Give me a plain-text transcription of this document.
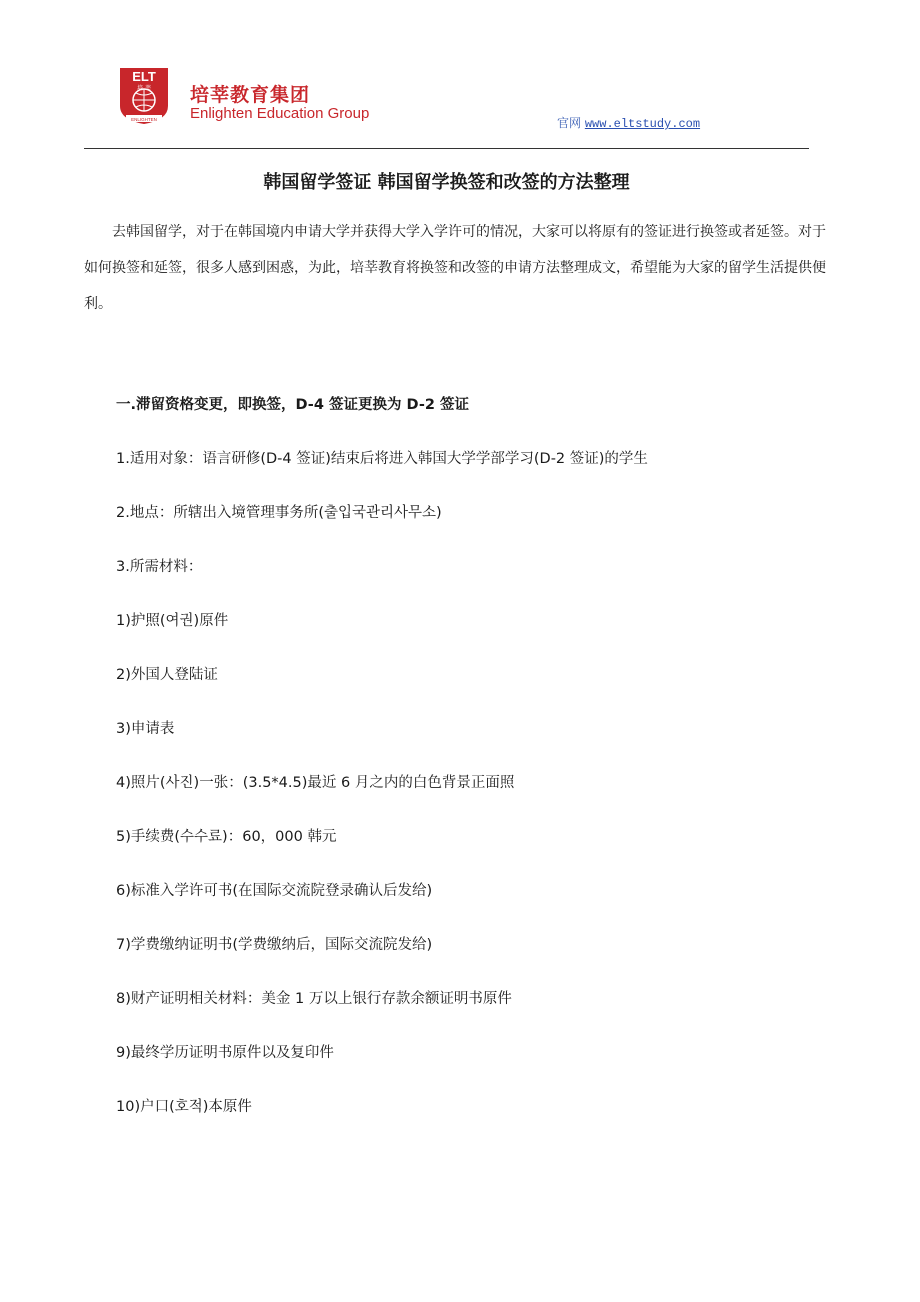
ELT
培 莘
ENLIGHTEN
培莘教育集团
Enlighten Education Group
官网 www.eltstudy.com
韩国留学签证 韩国留学换签和改签的方法整理
去韩国留学，对于在韩国境内申请大学并获得大学入学许可的情况，大家可以将原有的签证进行换签或者延签。对于如何换签和延签，很多人感到困惑，为此，培莘教育将换签和改签的申请方法整理成文，希望能为大家的留学生活提供便利。
一.滞留资格变更，即换签，D-4 签证更换为 D-2 签证
1.适用对象：语言研修(D-4 签证)结束后将进入韩国大学学部学习(D-2 签证)的学生
2.地点：所辖出入境管理事务所(출입국관리사무소)
3.所需材料：
1)护照(여권)原件
2)外国人登陆证
3)申请表
4)照片(사진)一张：(3.5*4.5)最近 6 月之内的白色背景正面照
5)手续费(수수료)：60，000 韩元
6)标准入学许可书(在国际交流院登录确认后发给)
7)学费缴纳证明书(学费缴纳后，国际交流院发给)
8)财产证明相关材料：美金 1 万以上银行存款余额证明书原件
9)最终学历证明书原件以及复印件
10)户口(호적)本原件
